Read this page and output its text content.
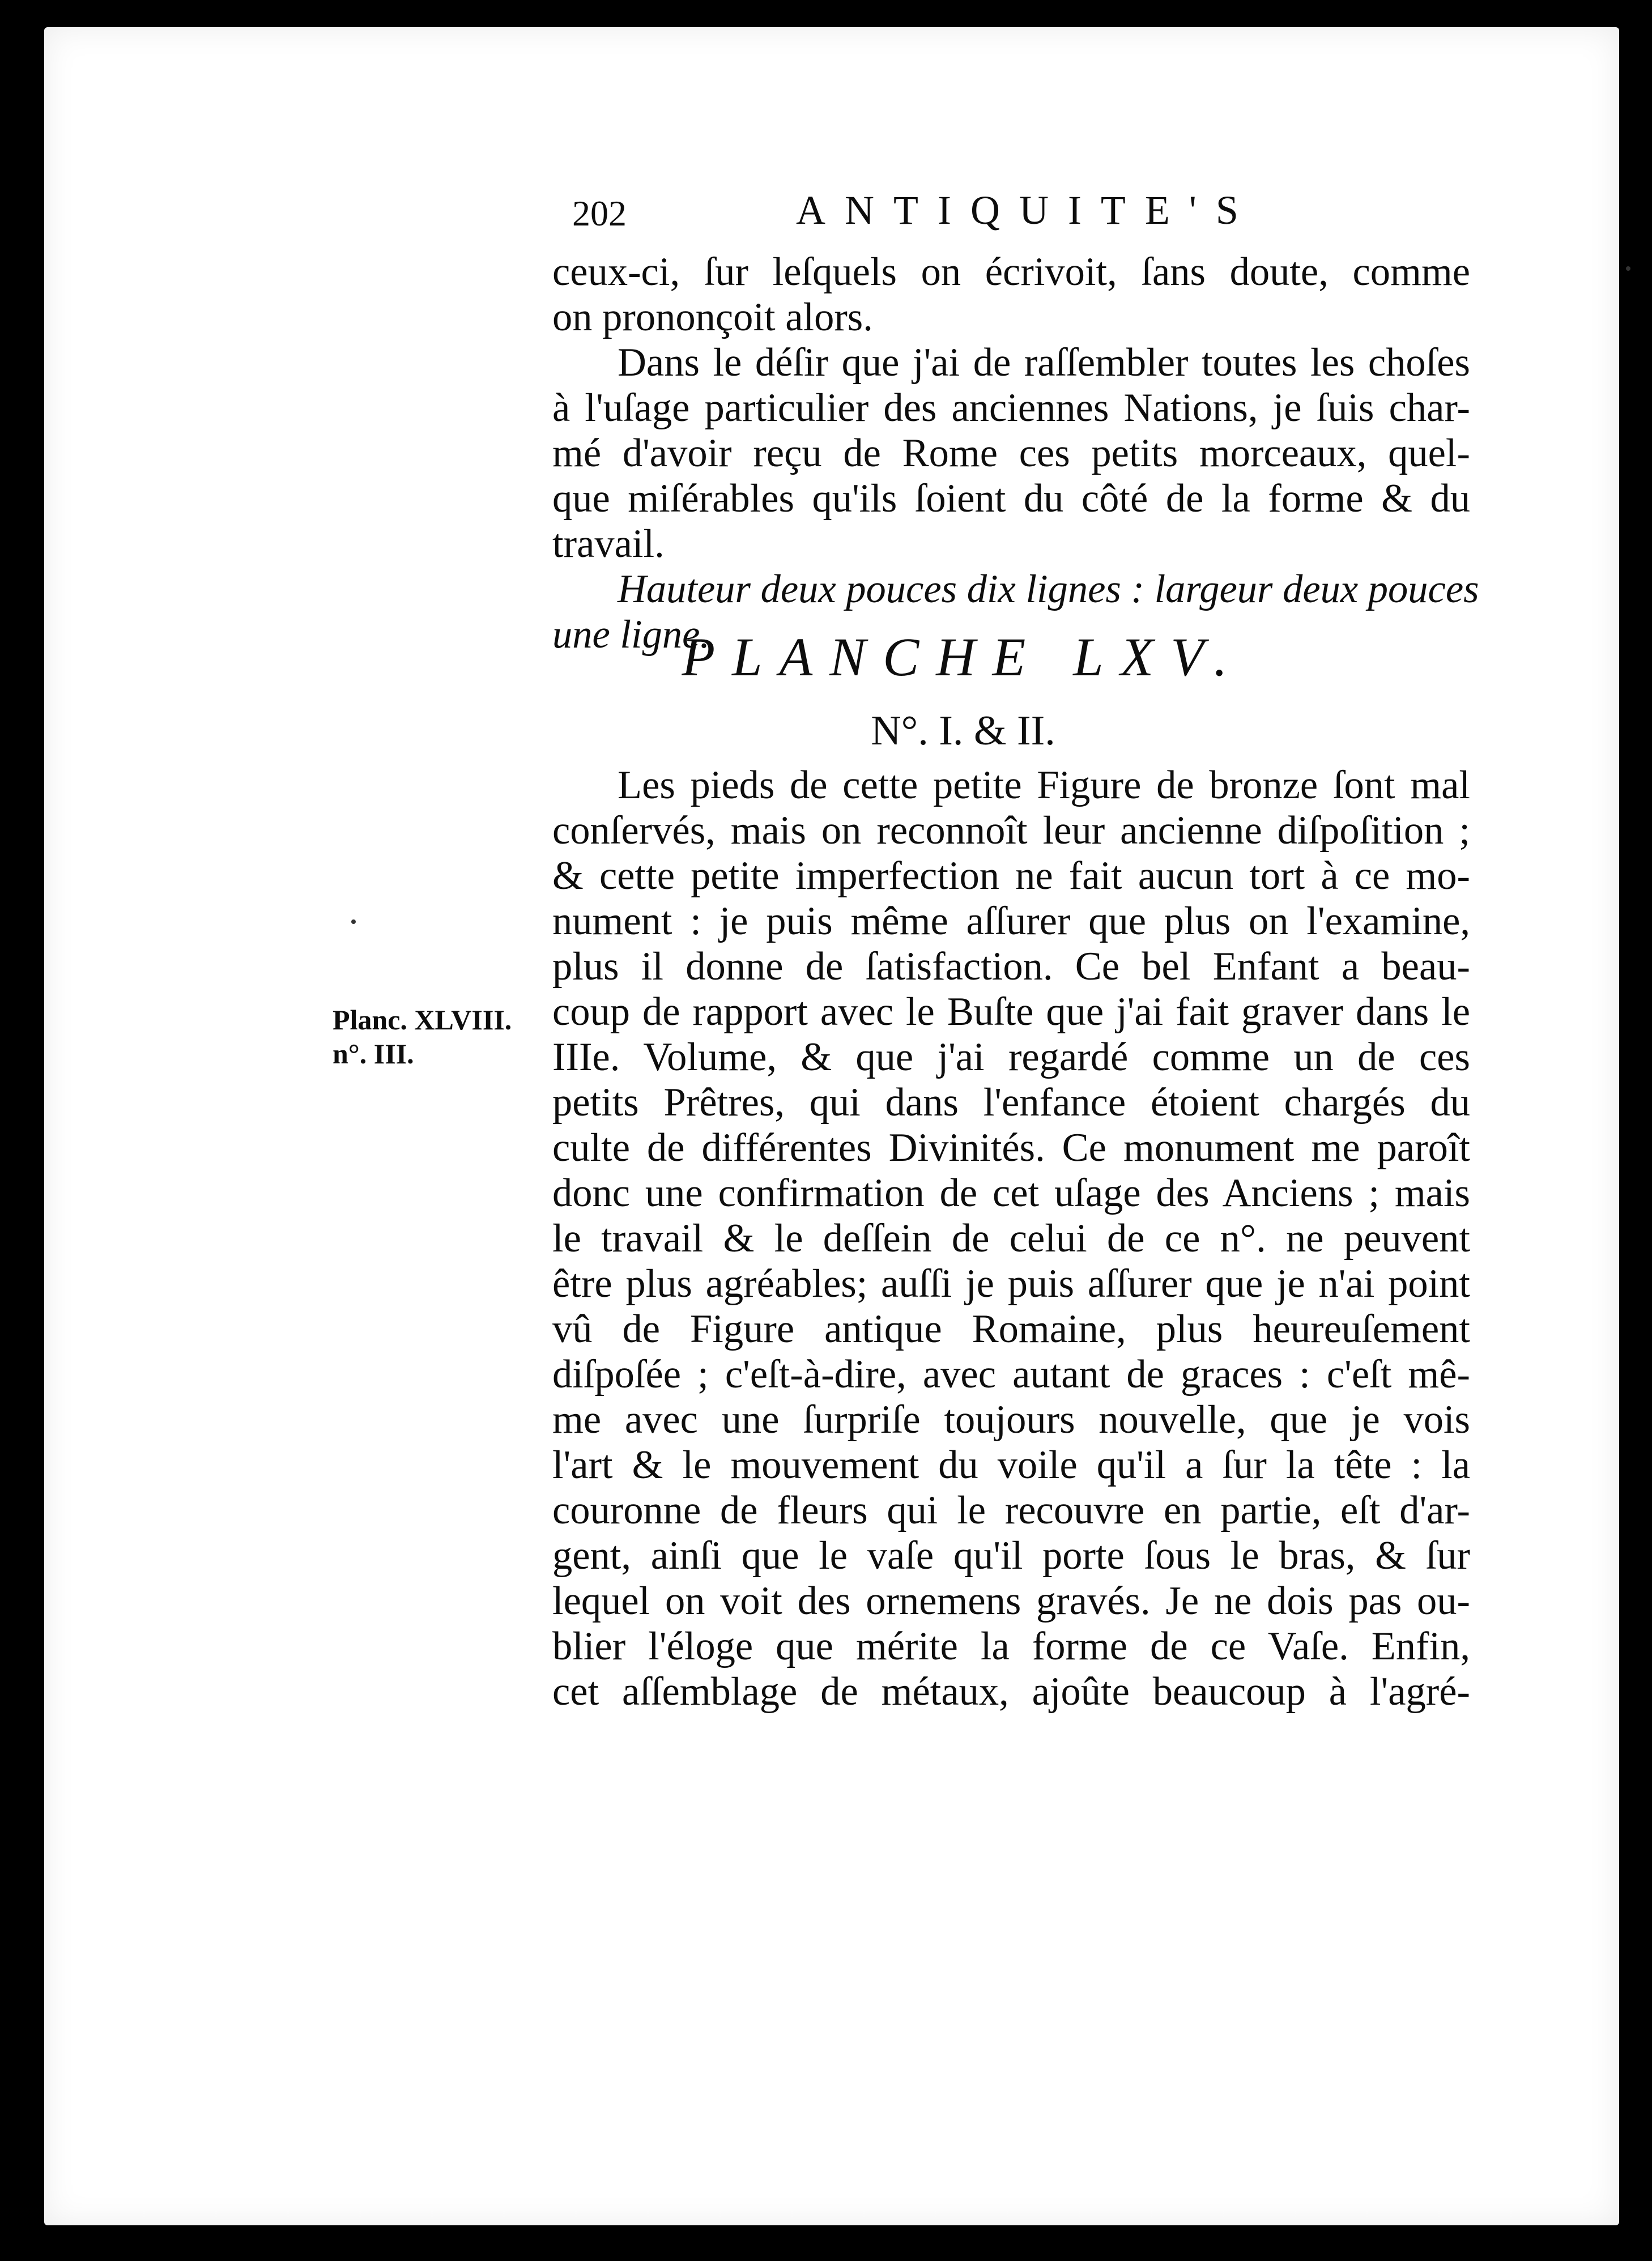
202	ANTIQUITE'S
ceux-ci, ſur leſquels on écrivoit, ſans doute, comme
on prononçoit alors.
Dans le déſir que j'ai de raſſembler toutes les choſes
à l'uſage particulier des anciennes Nations, je ſuis char-
mé d'avoir reçu de Rome ces petits morceaux, quel-
que miſérables qu'ils ſoient du côté de la forme & du
travail.
Hauteur deux pouces dix lignes : largeur deux pouces
une ligne.
PLANCHE LXV.
N°. I. & II.
Planc. XLVIII.
n°. III.
Les pieds de cette petite Figure de bronze ſont mal
conſervés, mais on reconnoît leur ancienne diſpoſition ;
& cette petite imperfection ne fait aucun tort à ce mo-
nument : je puis même aſſurer que plus on l'examine,
plus il donne de ſatisfaction. Ce bel Enfant a beau-
coup de rapport avec le Buſte que j'ai fait graver dans le
IIIe. Volume, & que j'ai regardé comme un de ces
petits Prêtres, qui dans l'enfance étoient chargés du
culte de différentes Divinités. Ce monument me paroît
donc une confirmation de cet uſage des Anciens ; mais
le travail & le deſſein de celui de ce n°. ne peuvent
être plus agréables; auſſi je puis aſſurer que je n'ai point
vû de Figure antique Romaine, plus heureuſement
diſpoſée ; c'eſt-à-dire, avec autant de graces : c'eſt mê-
me avec une ſurpriſe toujours nouvelle, que je vois
l'art & le mouvement du voile qu'il a ſur la tête : la
couronne de fleurs qui le recouvre en partie, eſt d'ar-
gent, ainſi que le vaſe qu'il porte ſous le bras, & ſur
lequel on voit des ornemens gravés. Je ne dois pas ou-
blier l'éloge que mérite la forme de ce Vaſe. Enfin,
cet aſſemblage de métaux, ajoûte beaucoup à l'agré-
